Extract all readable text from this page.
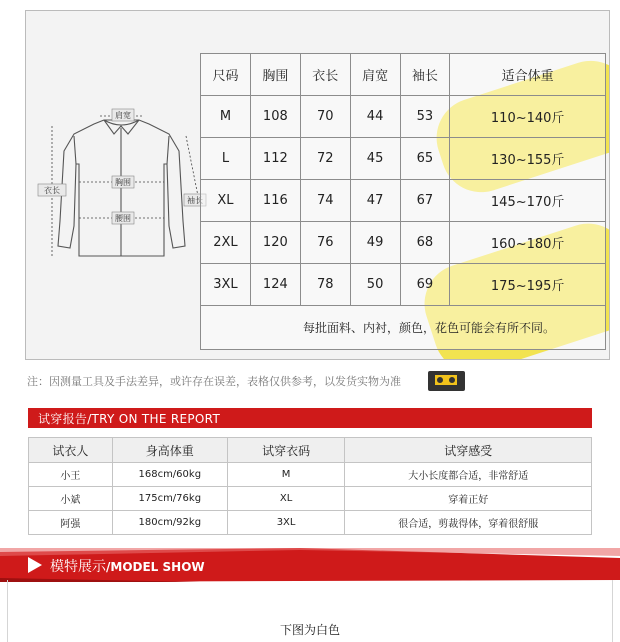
肩宽
胸围
腰围
衣长
袖长
尺码	胸围	衣长	肩宽	袖长	适合体重
M	108	70	44	53	110~140斤
L	112	72	45	65	130~155斤
XL	116	74	47	67	145~170斤
2XL	120	76	49	68	160~180斤
3XL	124	78	50	69	175~195斤
每批面料、内衬，颜色，花色可能会有所不同。					
注：因测量工具及手法差异，或许存在误差，表格仅供参考，以发货实物为准
试穿报告/TRY ON THE REPORT
试衣人	身高体重	试穿衣码	试穿感受
小王	168cm/60kg	M	大小长度都合适，非常舒适
小斌	175cm/76kg	XL	穿着正好
阿强	180cm/92kg	3XL	很合适，剪裁得体，穿着很舒服
模特展示/MODEL SHOW
下图为白色
